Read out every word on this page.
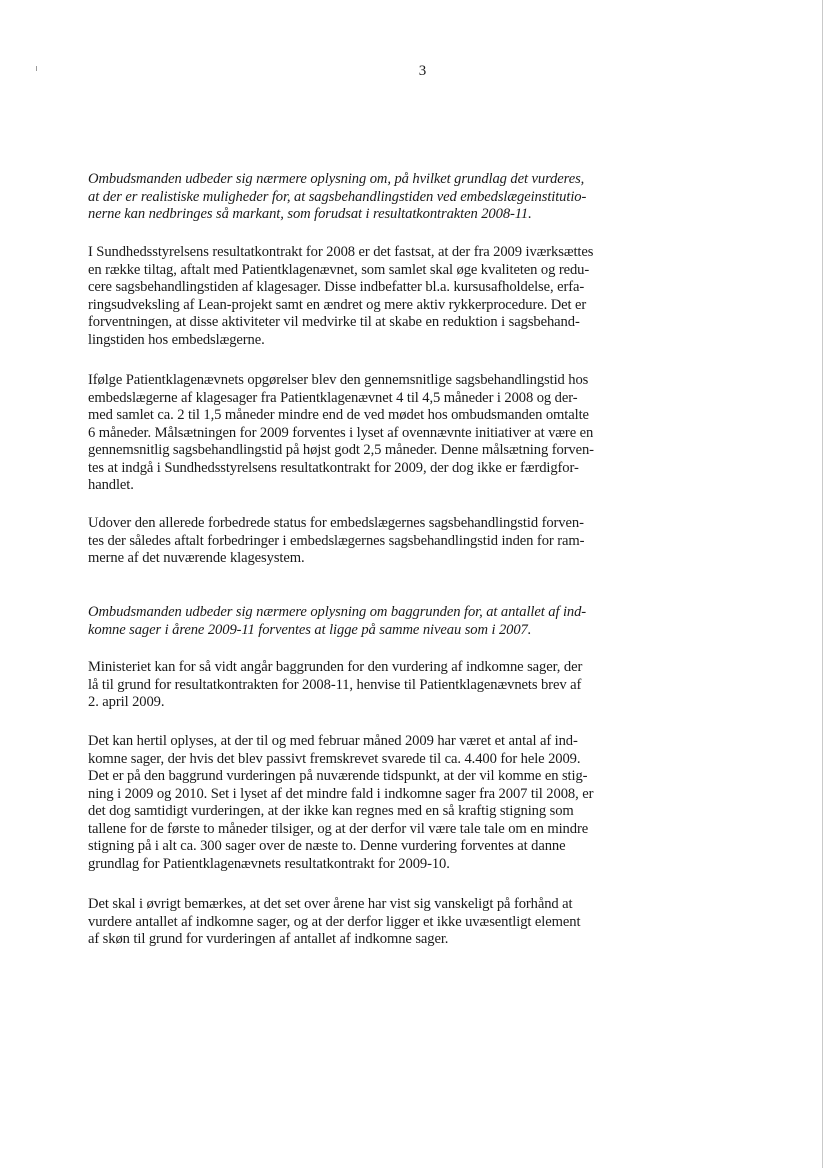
3

Ombudsmanden udbeder sig nærmere oplysning om, på hvilket grundlag det vurderes,
at der er realistiske muligheder for, at sagsbehandlingstiden ved embedslægeinstitutio-
nerne kan nedbringes så markant, som forudsat i resultatkontrakten 2008-11.

I Sundhedsstyrelsens resultatkontrakt for 2008 er det fastsat, at der fra 2009 iværksættes
en række tiltag, aftalt med Patientklagenævnet, som samlet skal øge kvaliteten og redu-
cere sagsbehandlingstiden af klagesager. Disse indbefatter bl.a. kursusafholdelse, erfa-
ringsudveksling af Lean-projekt samt en ændret og mere aktiv rykkerprocedure. Det er
forventningen, at disse aktiviteter vil medvirke til at skabe en reduktion i sagsbehand-
lingstiden hos embedslægerne.

Ifølge Patientklagenævnets opgørelser blev den gennemsnitlige sagsbehandlingstid hos
embedslægerne af klagesager fra Patientklagenævnet 4 til 4,5 måneder i 2008 og der-
med samlet ca. 2 til 1,5 måneder mindre end de ved mødet hos ombudsmanden omtalte
6 måneder. Målsætningen for 2009 forventes i lyset af ovennævnte initiativer at være en
gennemsnitlig sagsbehandlingstid på højst godt 2,5 måneder. Denne målsætning forven-
tes at indgå i Sundhedsstyrelsens resultatkontrakt for 2009, der dog ikke er færdigfor-
handlet.

Udover den allerede forbedrede status for embedslægernes sagsbehandlingstid forven-
tes der således aftalt forbedringer i embedslægernes sagsbehandlingstid inden for ram-
merne af det nuværende klagesystem.

Ombudsmanden udbeder sig nærmere oplysning om baggrunden for, at antallet af ind-
komne sager i årene 2009-11 forventes at ligge på samme niveau som i 2007.

Ministeriet kan for så vidt angår baggrunden for den vurdering af indkomne sager, der
lå til grund for resultatkontrakten for 2008-11, henvise til Patientklagenævnets brev af
2. april 2009.

Det kan hertil oplyses, at der til og med februar måned 2009 har været et antal af ind-
komne sager, der hvis det blev passivt fremskrevet svarede til ca. 4.400 for hele 2009.
Det er på den baggrund vurderingen på nuværende tidspunkt, at der vil komme en stig-
ning i 2009 og 2010. Set i lyset af det mindre fald i indkomne sager fra 2007 til 2008, er
det dog samtidigt vurderingen, at der ikke kan regnes med en så kraftig stigning som
tallene for de første to måneder tilsiger, og at der derfor vil være tale tale om en mindre
stigning på i alt ca. 300 sager over de næste to. Denne vurdering forventes at danne
grundlag for Patientklagenævnets resultatkontrakt for 2009-10.

Det skal i øvrigt bemærkes, at det set over årene har vist sig vanskeligt på forhånd at
vurdere antallet af indkomne sager, og at der derfor ligger et ikke uvæsentligt element
af skøn til grund for vurderingen af antallet af indkomne sager.
